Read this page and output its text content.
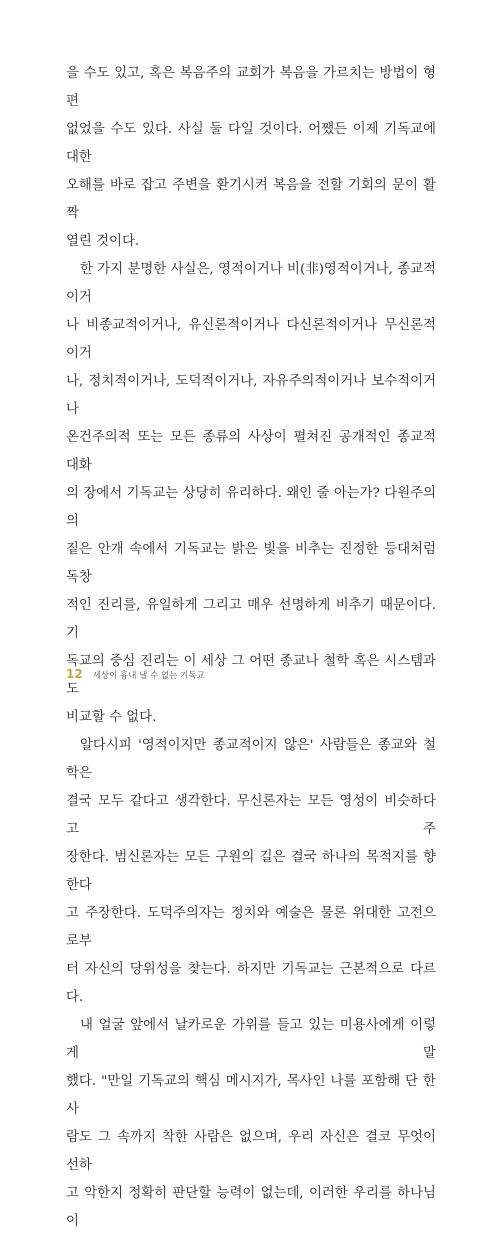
을 수도 있고, 혹은 복음주의 교회가 복음을 가르치는 방법이 형편

없었을 수도 있다. 사실 둘 다일 것이다. 어쨌든 이제 기독교에 대한

오해를 바로 잡고 주변을 환기시켜 복음을 전할 기회의 문이 활짝

열린 것이다.

한 가지 분명한 사실은, 영적이거나 비(非)영적이거나, 종교적이거

나 비종교적이거나, 유신론적이거나 다신론적이거나 무신론적이거

나, 정치적이거나, 도덕적이거나, 자유주의적이거나 보수적이거나

온건주의적 또는 모든 종류의 사상이 펼쳐진 공개적인 종교적 대화

의 장에서 기독교는 상당히 유리하다. 왜인 줄 아는가? 다원주의의

짙은 안개 속에서 기독교는 밝은 빛을 비추는 진정한 등대처럼 독창

적인 진리를, 유일하게 그리고 매우 선명하게 비추기 때문이다. 기

독교의 중심 진리는 이 세상 그 어떤 종교나 철학 혹은 시스템과도

비교할 수 없다.

알다시피 '영적이지만 종교적이지 않은' 사람들은 종교와 철학은

결국 모두 같다고 생각한다. 무신론자는 모든 영성이 비슷하다고 주

장한다. 범신론자는 모든 구원의 길은 결국 하나의 목적지를 향한다

고 주장한다. 도덕주의자는 정치와 예술은 물론 위대한 고전으로부

터 자신의 당위성을 찾는다. 하지만 기독교는 근본적으로 다르다.

내 얼굴 앞에서 날카로운 가위를 들고 있는 미용사에게 이렇게 말

했다. "만일 기독교의 핵심 메시지가, 목사인 나를 포함해 단 한 사

람도 그 속까지 착한 사람은 없으며, 우리 자신은 결코 무엇이 선하

고 악한지 정확히 판단할 능력이 없는데, 이러한 우리를 하나님이

12 세상이 흉내 낼 수 없는 기독교
